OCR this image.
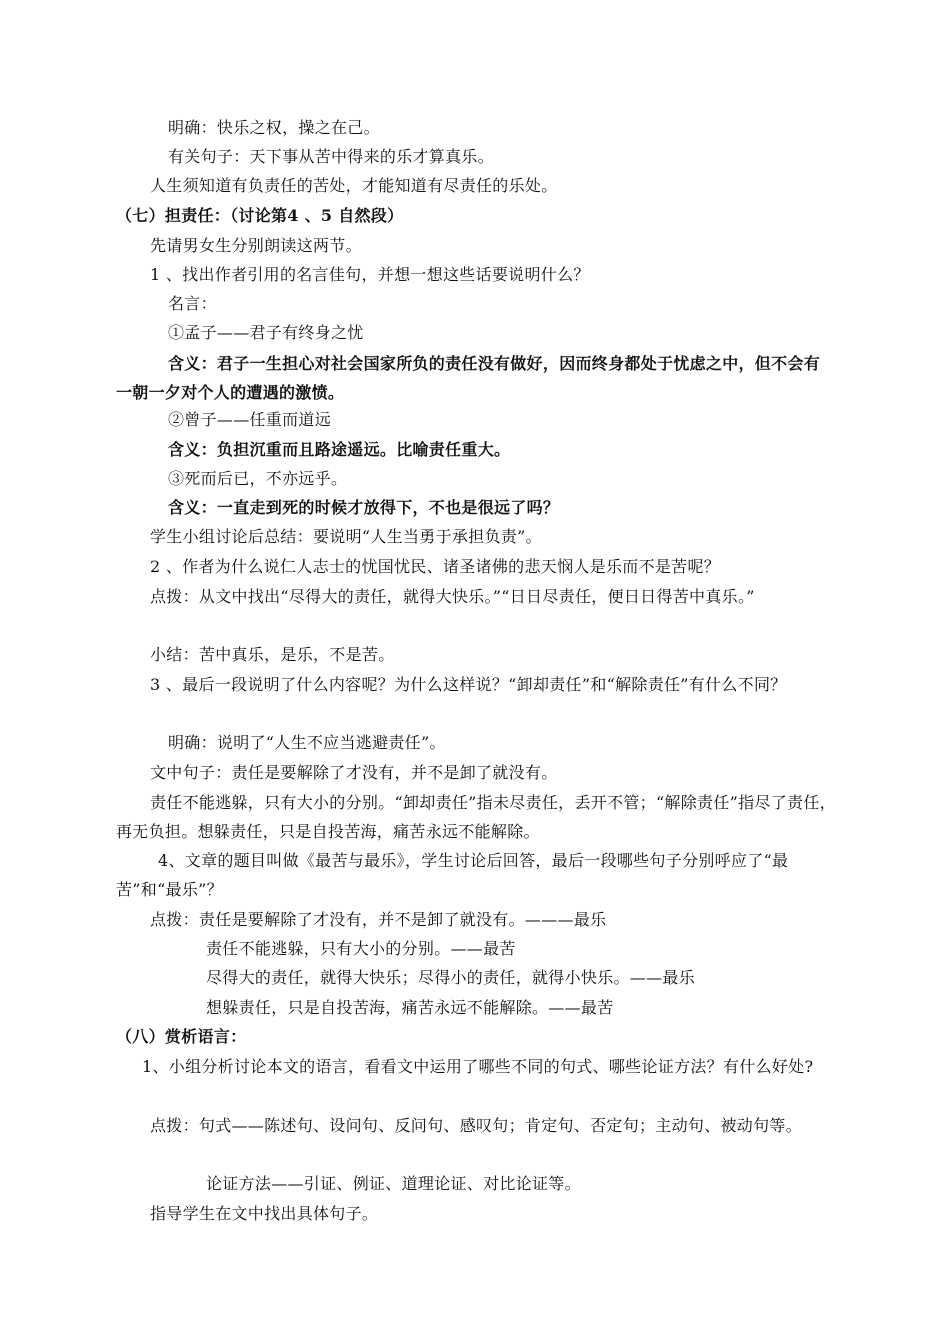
明确：快乐之权，操之在己。
有关句子：天下事从苦中得来的乐才算真乐。
人生须知道有负责任的苦处，才能知道有尽责任的乐处。
（七）担责任：（讨论第4 、5 自然段）
先请男女生分别朗读这两节。
1 、找出作者引用的名言佳句，并想一想这些话要说明什么？
名言：
①孟子——君子有终身之忧
含义：君子一生担心对社会国家所负的责任没有做好，因而终身都处于忧虑之中，但不会有一朝一夕对个人的遭遇的激愤。
②曾子——任重而道远
含义：负担沉重而且路途遥远。比喻责任重大。
③死而后已，不亦远乎。
含义：一直走到死的时候才放得下，不也是很远了吗？
学生小组讨论后总结：要说明“人生当勇于承担负责”。
2 、作者为什么说仁人志士的忧国忧民、诸圣诸佛的悲天悯人是乐而不是苦呢？
点拨：从文中找出“尽得大的责任，就得大快乐。”“日日尽责任，便日日得苦中真乐。”
小结：苦中真乐，是乐，不是苦。
3 、最后一段说明了什么内容呢？为什么这样说？“卸却责任”和“解除责任”有什么不同？
明确：说明了“人生不应当逃避责任”。
文中句子：责任是要解除了才没有，并不是卸了就没有。
责任不能逃躲，只有大小的分别。“卸却责任”指未尽责任，丢开不管；“解除责任”指尽了责任，再无负担。想躲责任，只是自投苦海，痛苦永远不能解除。
4、文章的题目叫做《最苦与最乐》，学生讨论后回答，最后一段哪些句子分别呼应了“最苦”和“最乐”？
点拨：责任是要解除了才没有，并不是卸了就没有。———最乐
责任不能逃躲，只有大小的分别。——最苦
尽得大的责任，就得大快乐；尽得小的责任，就得小快乐。——最乐
想躲责任，只是自投苦海，痛苦永远不能解除。——最苦
（八）赏析语言：
1、小组分析讨论本文的语言，看看文中运用了哪些不同的句式、哪些论证方法？有什么好处?
点拨：句式——陈述句、设问句、反问句、感叹句；肯定句、否定句；主动句、被动句等。
论证方法——引证、例证、道理论证、对比论证等。
指导学生在文中找出具体句子。
